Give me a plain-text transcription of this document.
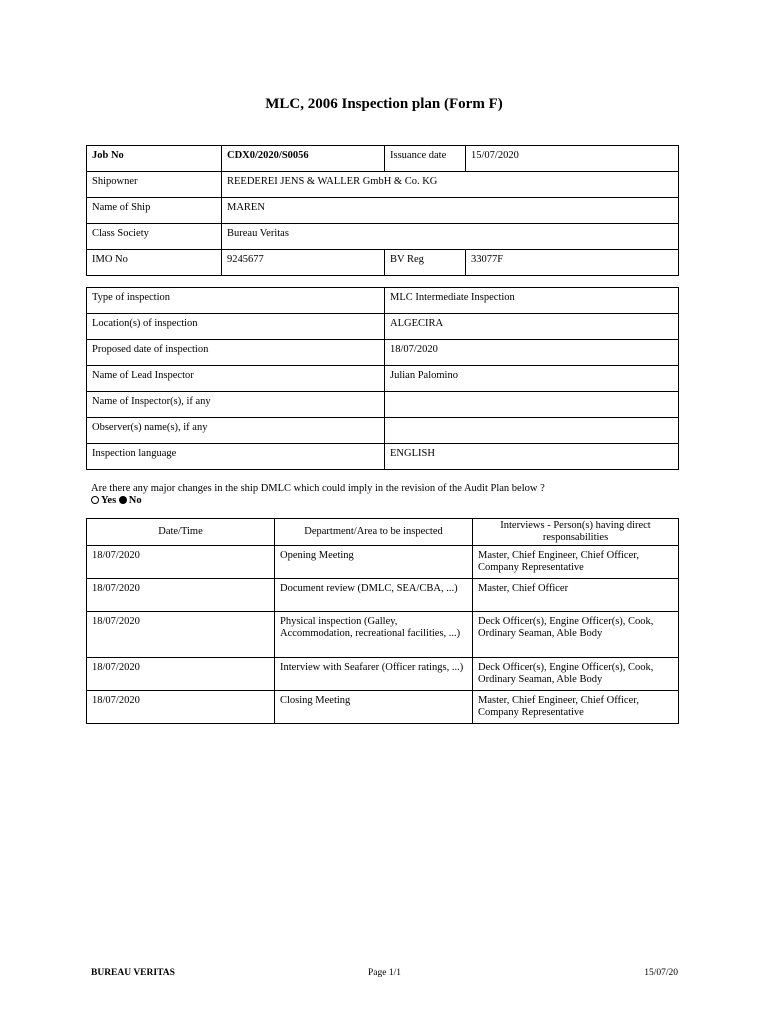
MLC, 2006 Inspection plan (Form F)
Job No	CDX0/2020/S0056	Issuance date	15/07/2020
Shipowner	REEDEREI JENS & WALLER GmbH & Co. KG		
Name of Ship	MAREN		
Class Society	Bureau Veritas		
IMO No	9245677	BV Reg	33077F
Type of inspection	MLC Intermediate Inspection
Location(s) of inspection	ALGECIRA
Proposed date of inspection	18/07/2020
Name of Lead Inspector	Julian Palomino
Name of Inspector(s), if any	
Observer(s) name(s), if any	
Inspection language	ENGLISH
Are there any major changes in the ship DMLC which could imply in the revision of the Audit Plan below ?
Yes No
Date/Time	Department/Area to be inspected	Interviews - Person(s) having direct responsabilities
18/07/2020	Opening Meeting	Master, Chief Engineer, Chief Officer, Company Representative
18/07/2020	Document review (DMLC, SEA/CBA, ...)	Master, Chief Officer
18/07/2020	Physical inspection (Galley, Accommodation, recreational facilities, ...)	Deck Officer(s), Engine Officer(s), Cook, Ordinary Seaman, Able Body
18/07/2020	Interview with Seafarer (Officer ratings, ...)	Deck Officer(s), Engine Officer(s), Cook, Ordinary Seaman, Able Body
18/07/2020	Closing Meeting	Master, Chief Engineer, Chief Officer, Company Representative
Page 1/1
BUREAU VERITAS	15/07/20
